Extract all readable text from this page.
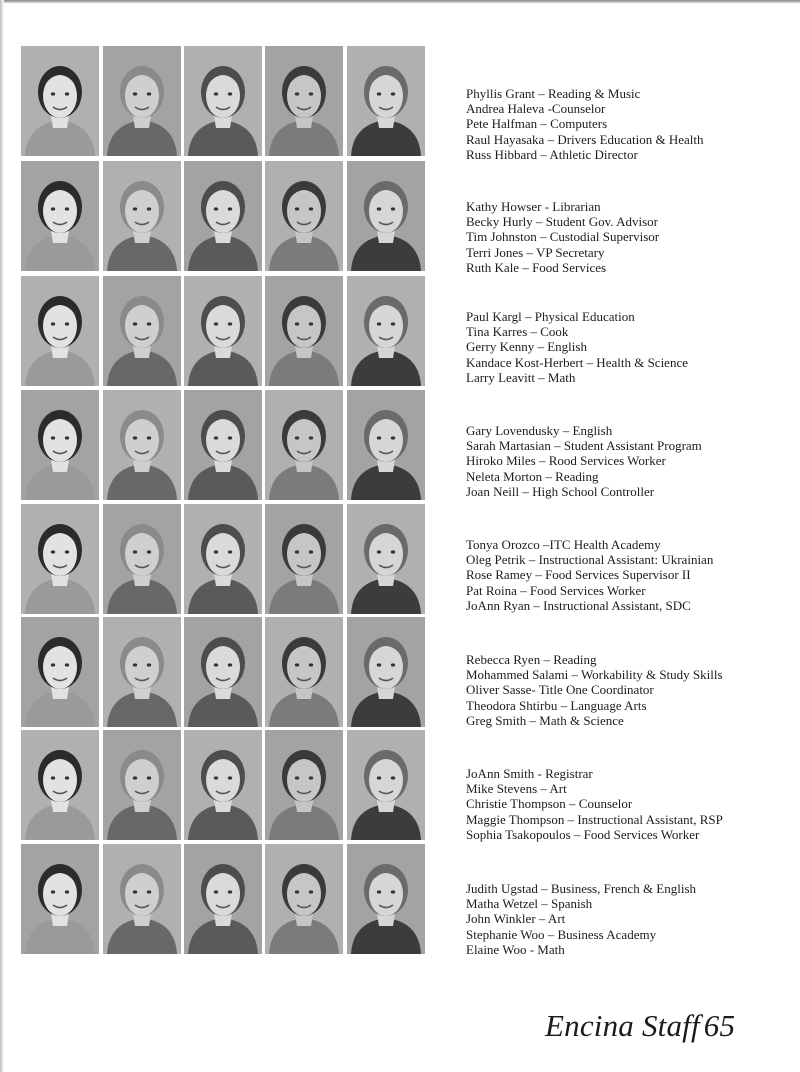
Phyllis Grant – Reading & Music
Andrea Haleva -Counselor
Pete Halfman – Computers
Raul Hayasaka – Drivers Education & Health
Russ Hibbard – Athletic Director
Kathy Howser - Librarian
Becky Hurly – Student Gov. Advisor
Tim Johnston – Custodial Supervisor
Terri Jones – VP Secretary
Ruth Kale – Food Services
Paul Kargl – Physical Education
Tina Karres – Cook
Gerry Kenny – English
Kandace Kost-Herbert – Health & Science
Larry Leavitt – Math
Gary Lovendusky – English
Sarah Martasian – Student Assistant Program
Hiroko Miles – Rood Services Worker
Neleta Morton – Reading
Joan Neill – High School Controller
Tonya Orozco –ITC Health Academy
Oleg Petrik – Instructional Assistant: Ukrainian
Rose Ramey – Food Services Supervisor II
Pat Roina – Food Services Worker
JoAnn Ryan – Instructional Assistant, SDC
Rebecca Ryen – Reading
Mohammed Salami – Workability & Study Skills
Oliver Sasse- Title One Coordinator
Theodora Shtirbu – Language Arts
Greg Smith – Math & Science
JoAnn Smith - Registrar
Mike Stevens – Art
Christie Thompson – Counselor
Maggie Thompson – Instructional Assistant, RSP
Sophia Tsakopoulos – Food Services Worker
Judith Ugstad – Business, French & English
Matha Wetzel – Spanish
John Winkler – Art
Stephanie Woo – Business Academy
Elaine Woo - Math
Encina Staff 65
